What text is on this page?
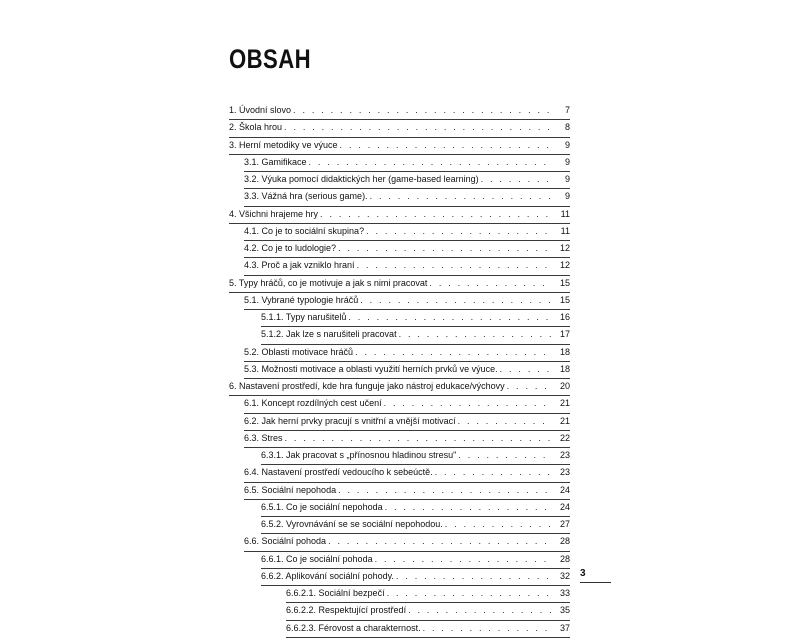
OBSAH
1. Úvodní slovo . . .	7
2. Škola hrou . . .	8
3. Herní metodiky ve výuce . . .	9
3.1. Gamifikace . . .	9
3.2. Výuka pomocí didaktických her (game-based learning) . . .	9
3.3. Vážná hra (serious game). . . .	9
4. Všichni hrajeme hry . . .	11
4.1. Co je to sociální skupina? . . .	11
4.2. Co je to ludologie? . . .	12
4.3. Proč a jak vzniklo hraní . . .	12
5. Typy hráčů, co je motivuje a jak s nimi pracovat . . .	15
5.1. Vybrané typologie hráčů . . .	15
5.1.1. Typy narušitelů . . .	16
5.1.2. Jak lze s narušiteli pracovat . . .	17
5.2. Oblasti motivace hráčů . . .	18
5.3. Možnosti motivace a oblasti využití herních prvků ve výuce. . . .	18
6. Nastavení prostředí, kde hra funguje jako nástroj edukace/výchovy . . .	20
6.1. Koncept rozdílných cest učení . . .	21
6.2. Jak herní prvky pracují s vnitřní a vnější motivací . . .	21
6.3. Stres . . .	22
6.3.1. Jak pracovat s „přínosnou hladinou stresu" . . .	23
6.4. Nastavení prostředí vedoucího k sebeúctě. . . .	23
6.5. Sociální nepohoda . . .	24
6.5.1. Co je sociální nepohoda . . .	24
6.5.2. Vyrovnávání se se sociální nepohodou. . . .	27
6.6. Sociální pohoda . . .	28
6.6.1. Co je sociální pohoda . . .	28
6.6.2. Aplikování sociální pohody. . . .	32
6.6.2.1. Sociální bezpečí . . .	33
6.6.2.2. Respektující prostředí . . .	35
6.6.2.3. Férovost a charakternost. . . .	37
3
